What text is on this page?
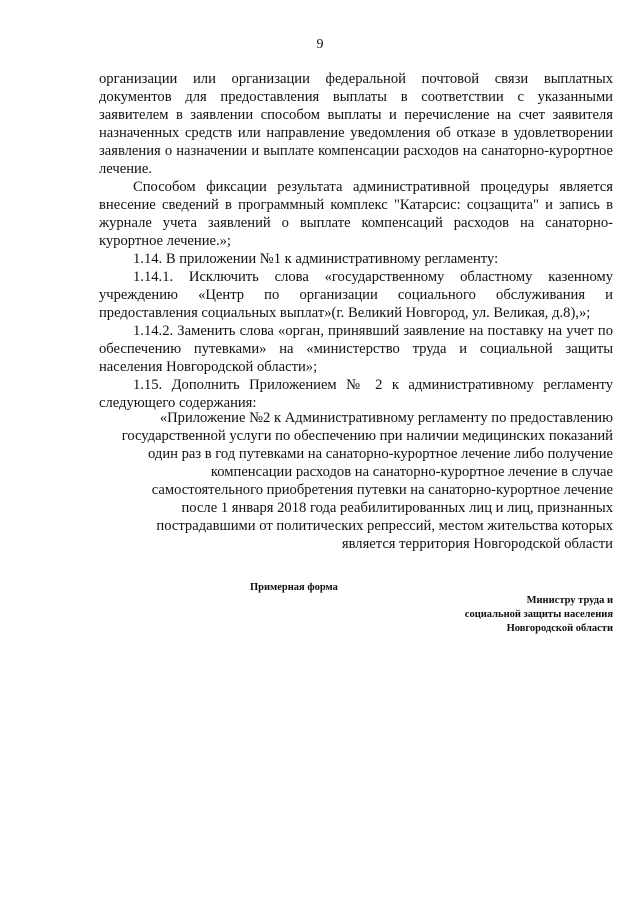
9

организации или организации федеральной почтовой связи выплатных документов для предоставления выплаты в соответствии с указанными заявителем в заявлении способом выплаты и перечисление на счет заявителя назначенных средств или направление уведомления об отказе в удовлетворении заявления о назначении и выплате компенсации расходов на санаторно-курортное лечение.

Способом фиксации результата административной процедуры является внесение сведений в программный комплекс "Катарсис: соцзащита" и запись в журнале учета заявлений о выплате компенсаций расходов на санаторно-курортное лечение.»;

1.14. В приложении №1 к административному регламенту:

1.14.1. Исключить слова «государственному областному казенному учреждению «Центр по организации социального обслуживания и предоставления социальных выплат»(г. Великий Новгород, ул. Великая, д.8),»;

1.14.2. Заменить слова «орган, принявший заявление на поставку на учет по обеспечению путевками» на «министерство труда и социальной защиты населения Новгородской области»;

1.15. Дополнить Приложением № 2 к административному регламенту следующего содержания:

«Приложение №2 к Административному регламенту по предоставлению

государственной услуги по обеспечению при наличии медицинских показаний

один раз в год путевками на санаторно-курортное лечение либо получение

компенсации расходов на санаторно-курортное лечение в случае

самостоятельного приобретения путевки на санаторно-курортное лечение

после 1 января 2018 года реабилитированных лиц и лиц, признанных

пострадавшими от политических репрессий, местом жительства которых

является территория Новгородской области

Примерная форма
Министру труда и
социальной защиты населения
Новгородской области
